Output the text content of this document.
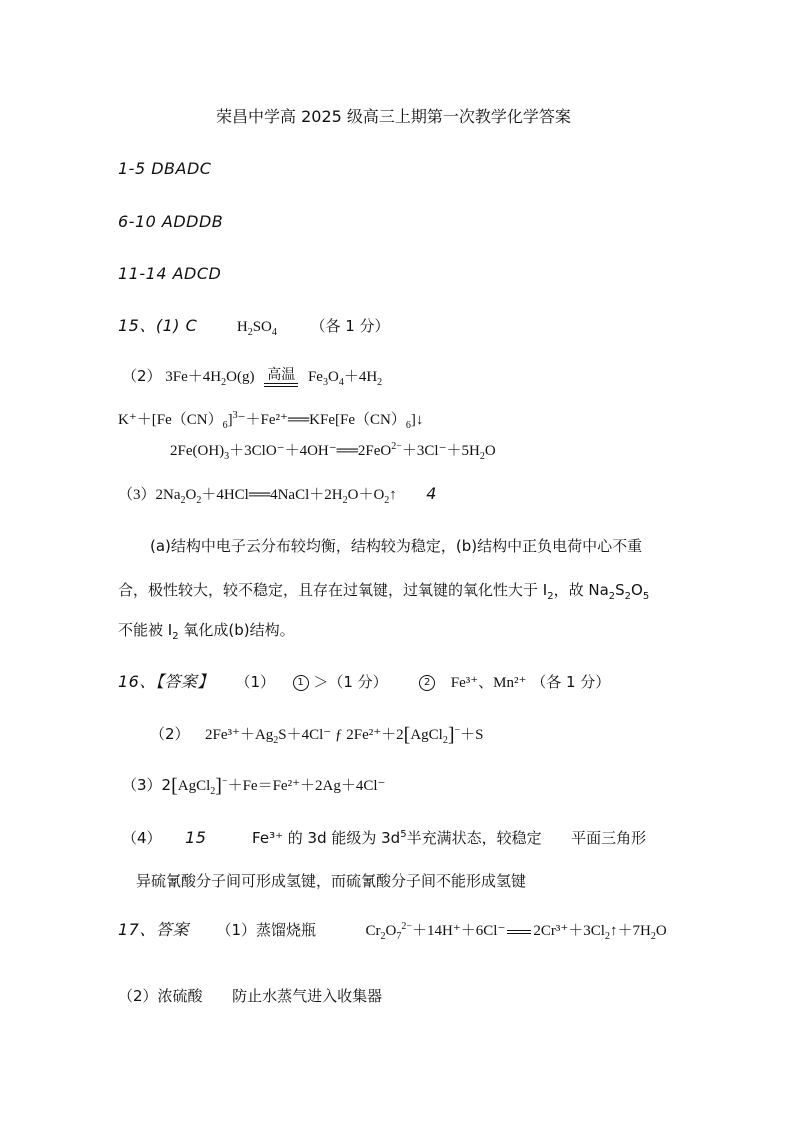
荣昌中学高 2025 级高三上期第一次教学化学答案
1-5 DBADC
6-10 ADDDB
11-14 ADCD
15、(1) C	$H_2SO_4$ （各 1 分）
（2） $3Fe+4H_2O(g)$ 高温 $Fe_3O_4+4H_2$
$K^++[Fe(CN)_6]^3^-+Fe^{2+}══KFe[Fe(CN)_6]↓$
$2Fe(OH)_3+3ClO^-+4OH^-══2FeO^{2-}+3Cl^-+5H_2O$
$(3)2Na_2O_2+4HCl══4NaCl+2H_2O+O_2↑$ 4
(a)结构中电子云分布较均衡，结构较为稳定，(b)结构中正负电荷中心不重
合，极性较大，较不稳定，且存在过氧键，过氧键的氧化性大于 $I_2$，故 $Na_2S_2O_5$
不能被 $I_2$ 氧化成(b)结构。
16、【答案】 （1） 1 ＞（1 分）	2 Fe³⁺、Mn²⁺ （各 1 分）
（2） $2Fe^{3+}+Ag_2S+4Cl^-$ ƒ 2Fe²⁺＋2[AgCl$_2$]−＋S
（3）2[AgCl$_2$]−＋Fe＝Fe²⁺＋2Ag＋4Cl⁻
（4） 15	Fe³⁺ 的 3d 能级为 $3d^5$半充满状态，较稳定 平面三角形
异硫氰酸分子间可形成氢键，而硫氰酸分子间不能形成氢键
17、答案 （1）蒸馏烧瓶	$Cr_2O_7^{2-}+14H^++6Cl^-$ $2Cr^{3+}+3Cl_2↑+7H_2O$
（2）浓硫酸 防止水蒸气进入收集器
